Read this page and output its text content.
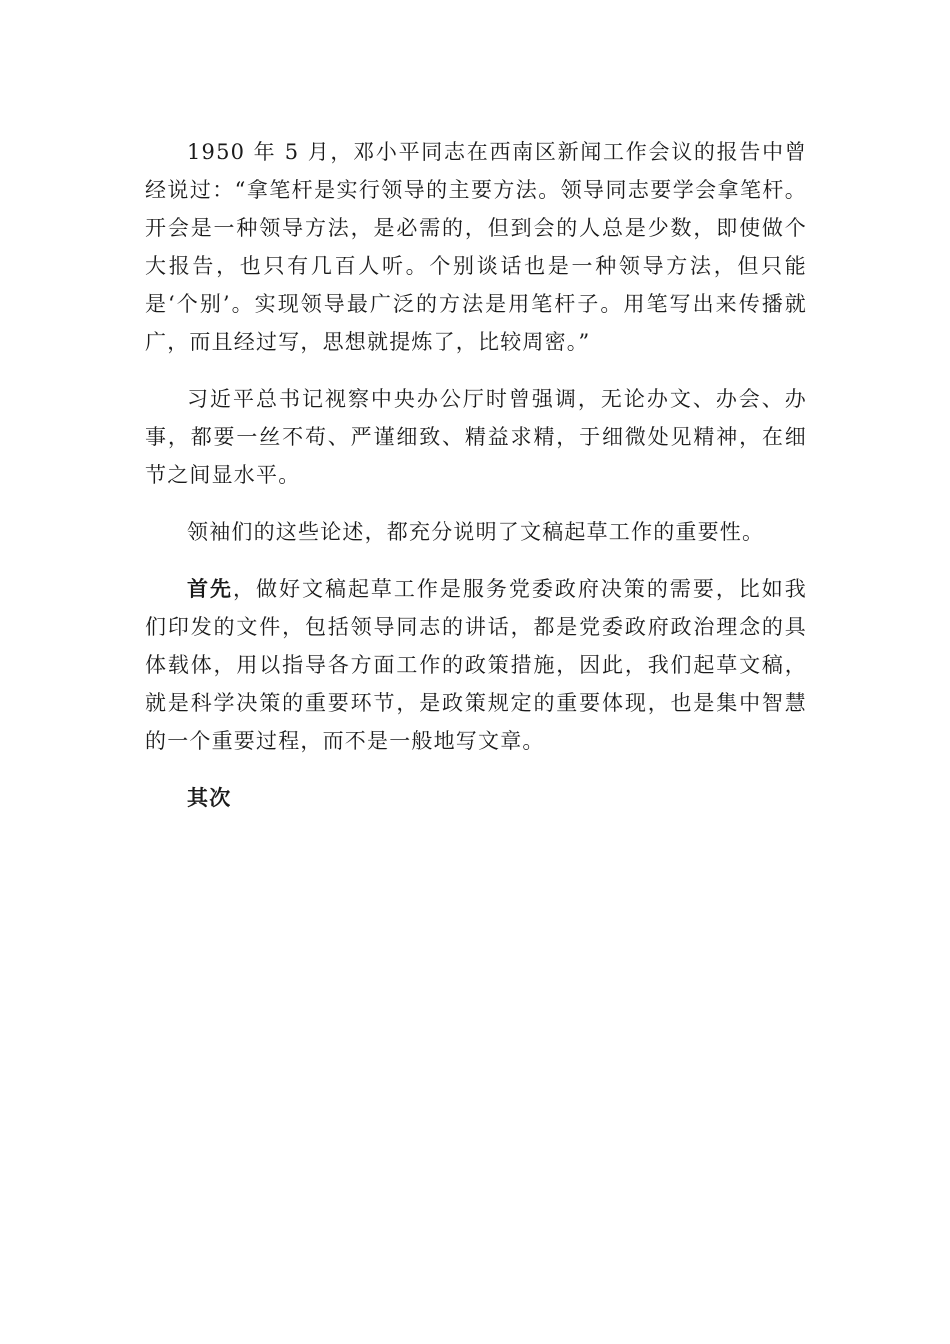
1950 年 5 月，邓小平同志在西南区新闻工作会议的报告中曾经说过：“拿笔杆是实行领导的主要方法。领导同志要学会拿笔杆。开会是一种领导方法，是必需的，但到会的人总是少数，即使做个大报告，也只有几百人听。个别谈话也是一种领导方法，但只能是‘个别’。实现领导最广泛的方法是用笔杆子。用笔写出来传播就广，而且经过写，思想就提炼了，比较周密。”

习近平总书记视察中央办公厅时曾强调，无论办文、办会、办事，都要一丝不苟、严谨细致、精益求精，于细微处见精神，在细节之间显水平。

领袖们的这些论述，都充分说明了文稿起草工作的重要性。

首先，做好文稿起草工作是服务党委政府决策的需要，比如我们印发的文件，包括领导同志的讲话，都是党委政府政治理念的具体载体，用以指导各方面工作的政策措施，因此，我们起草文稿，就是科学决策的重要环节，是政策规定的重要体现，也是集中智慧的一个重要过程，而不是一般地写文章。

其次
